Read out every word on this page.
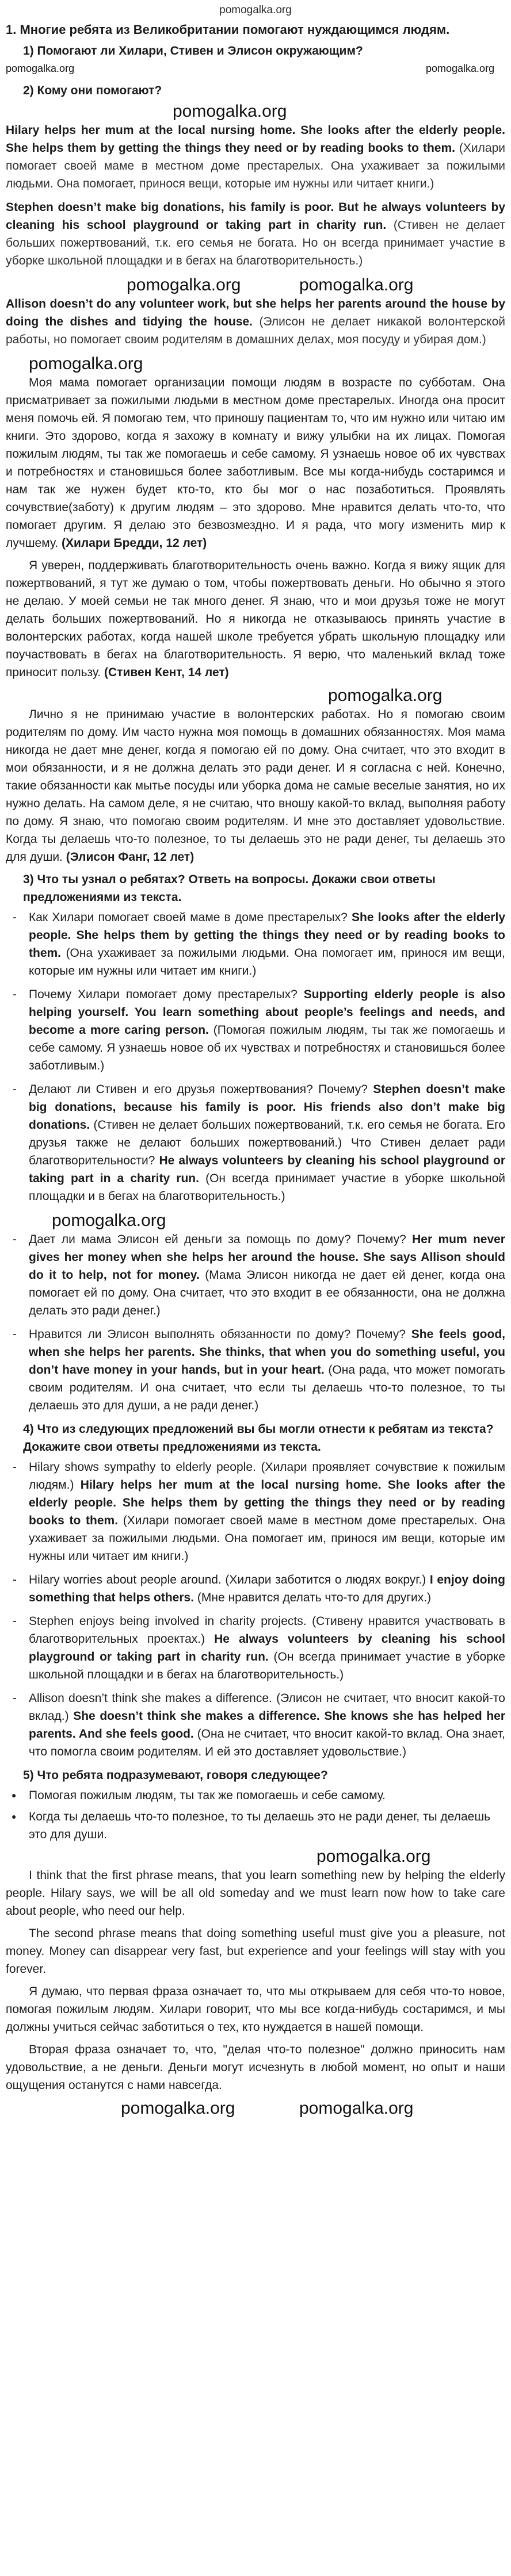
pomogalka.org
1. Многие ребята из Великобритании помогают нуждающимся людям.
1) Помогают ли Хилари, Стивен и Элисон окружающим?
pomogalka.org	pomogalka.org
2) Кому они помогают?
pomogalka.org
Hilary helps her mum at the local nursing home. She looks after the elderly people. She helps them by getting the things they need or by reading books to them. (Хилари помогает своей маме в местном доме престарелых. Она ухаживает за пожилыми людьми. Она помогает, принося вещи, которые им нужны или читает книги.)
Stephen doesn’t make big donations, his family is poor. But he always volunteers by cleaning his school playground or taking part in charity run. (Стивен не делает больших пожертвований, т.к. его семья не богата. Но он всегда принимает участие в уборке школьной площадки и в бегах на благотворительность.)
pomogalka.org	pomogalka.org
Allison doesn’t do any volunteer work, but she helps her parents around the house by doing the dishes and tidying the house. (Элисон не делает никакой волонтерской работы, но помогает своим родителям в домашних делах, моя посуду и убирая дом.)
pomogalka.org
Моя мама помогает организации помощи людям в возрасте по субботам. Она присматривает за пожилыми людьми в местном доме престарелых. Иногда она просит меня помочь ей. Я помогаю тем, что приношу пациентам то, что им нужно или читаю им книги. Это здорово, когда я захожу в комнату и вижу улыбки на их лицах. Помогая пожилым людям, ты так же помогаешь и себе самому. Я узнаешь новое об их чувствах и потребностях и становишься более заботливым. Все мы когда-нибудь состаримся и нам так же нужен будет кто-то, кто бы мог о нас позаботиться. Проявлять сочувствие(заботу) к другим людям – это здорово. Мне нравится делать что-то, что помогает другим. Я делаю это безвозмездно. И я рада, что могу изменить мир к лучшему. (Хилари Бредди, 12 лет)
Я уверен, поддерживать благотворительность очень важно. Когда я вижу ящик для пожертвований, я тут же думаю о том, чтобы пожертвовать деньги. Но обычно я этого не делаю. У моей семьи не так много денег. Я знаю, что и мои друзья тоже не могут делать больших пожертвований. Но я никогда не отказываюсь принять участие в волонтерских работах, когда нашей школе требуется убрать школьную площадку или поучаствовать в бегах на благотворительность. Я верю, что маленький вклад тоже приносит пользу. (Стивен Кент, 14 лет)
pomogalka.org
Лично я не принимаю участие в волонтерских работах. Но я помогаю своим родителям по дому. Им часто нужна моя помощь в домашних обязанностях. Моя мама никогда не дает мне денег, когда я помогаю ей по дому. Она считает, что это входит в мои обязанности, и я не должна делать это ради денег. И я согласна с ней. Конечно, такие обязанности как мытье посуды или уборка дома не самые веселые занятия, но их нужно делать. На самом деле, я не считаю, что вношу какой-то вклад, выполняя работу по дому. Я знаю, что помогаю своим родителям. И мне это доставляет удовольствие. Когда ты делаешь что-то полезное, то ты делаешь это не ради денег, ты делаешь это для души. (Элисон Фанг, 12 лет)
3) Что ты узнал о ребятах? Ответь на вопросы. Докажи свои ответы предложениями из текста.
- Как Хилари помогает своей маме в доме престарелых? She looks after the elderly people. She helps them by getting the things they need or by reading books to them. (Она ухаживает за пожилыми людьми. Она помогает им, принося им вещи, которые им нужны или читает им книги.)
- Почему Хилари помогает дому престарелых? Supporting elderly people is also helping yourself. You learn something about people’s feelings and needs, and become a more caring person. (Помогая пожилым людям, ты так же помогаешь и себе самому. Я узнаешь новое об их чувствах и потребностях и становишься более заботливым.)
- Делают ли Стивен и его друзья пожертвования? Почему? Stephen doesn’t make big donations, because his family is poor. His friends also don’t make big donations. (Стивен не делает больших пожертвований, т.к. его семья не богата. Его друзья также не делают больших пожертвований.) Что Стивен делает ради благотворительности? He always volunteers by cleaning his school playground or taking part in a charity run. (Он всегда принимает участие в уборке школьной площадки и в бегах на благотворительность.)
pomogalka.org
- Дает ли мама Элисон ей деньги за помощь по дому? Почему? Her mum never gives her money when she helps her around the house. She says Allison should do it to help, not for money. (Мама Элисон никогда не дает ей денег, когда она помогает ей по дому. Она считает, что это входит в ее обязанности, она не должна делать это ради денег.)
- Нравится ли Элисон выполнять обязанности по дому? Почему? She feels good, when she helps her parents. She thinks, that when you do something useful, you don’t have money in your hands, but in your heart. (Она рада, что может помогать своим родителям. И она считает, что если ты делаешь что-то полезное, то ты делаешь это для души, а не ради денег.)
4) Что из следующих предложений вы бы могли отнести к ребятам из текста? Докажите свои ответы предложениями из текста.
- Hilary shows sympathy to elderly people. (Хилари проявляет сочувствие к пожилым людям.) Hilary helps her mum at the local nursing home. She looks after the elderly people. She helps them by getting the things they need or by reading books to them. (Хилари помогает своей маме в местном доме престарелых. Она ухаживает за пожилыми людьми. Она помогает им, принося им вещи, которые им нужны или читает им книги.)
- Hilary worries about people around. (Хилари заботится о людях вокруг.) I enjoy doing something that helps others. (Мне нравится делать что-то для других.)
- Stephen enjoys being involved in charity projects. (Стивену нравится участвовать в благотворительных проектах.) He always volunteers by cleaning his school playground or taking part in charity run. (Он всегда принимает участие в уборке школьной площадки и в бегах на благотворительность.)
- Allison doesn’t think she makes a difference. (Элисон не считает, что вносит какой-то вклад.) She doesn’t think she makes a difference. She knows she has helped her parents. And she feels good. (Она не считает, что вносит какой-то вклад. Она знает, что помогла своим родителям. И ей это доставляет удовольствие.)
5) Что ребята подразумевают, говоря следующее?
● Помогая пожилым людям, ты так же помогаешь и себе самому.
● Когда ты делаешь что-то полезное, то ты делаешь это не ради денег, ты делаешь это для души.
pomogalka.org
I think that the first phrase means, that you learn something new by helping the elderly people. Hilary says, we will be all old someday and we must learn now how to take care about people, who need our help.
The second phrase means that doing something useful must give you a pleasure, not money. Money can disappear very fast, but experience and your feelings will stay with you forever.
Я думаю, что первая фраза означает то, что мы открываем для себя что-то новое, помогая пожилым людям. Хилари говорит, что мы все когда-нибудь состаримся, и мы должны учиться сейчас заботиться о тех, кто нуждается в нашей помощи.
Вторая фраза означает то, что, "делая что-то полезное" должно приносить нам удовольствие, а не деньги. Деньги могут исчезнуть в любой момент, но опыт и наши ощущения останутся с нами навсегда.
pomogalka.org	pomogalka.org
